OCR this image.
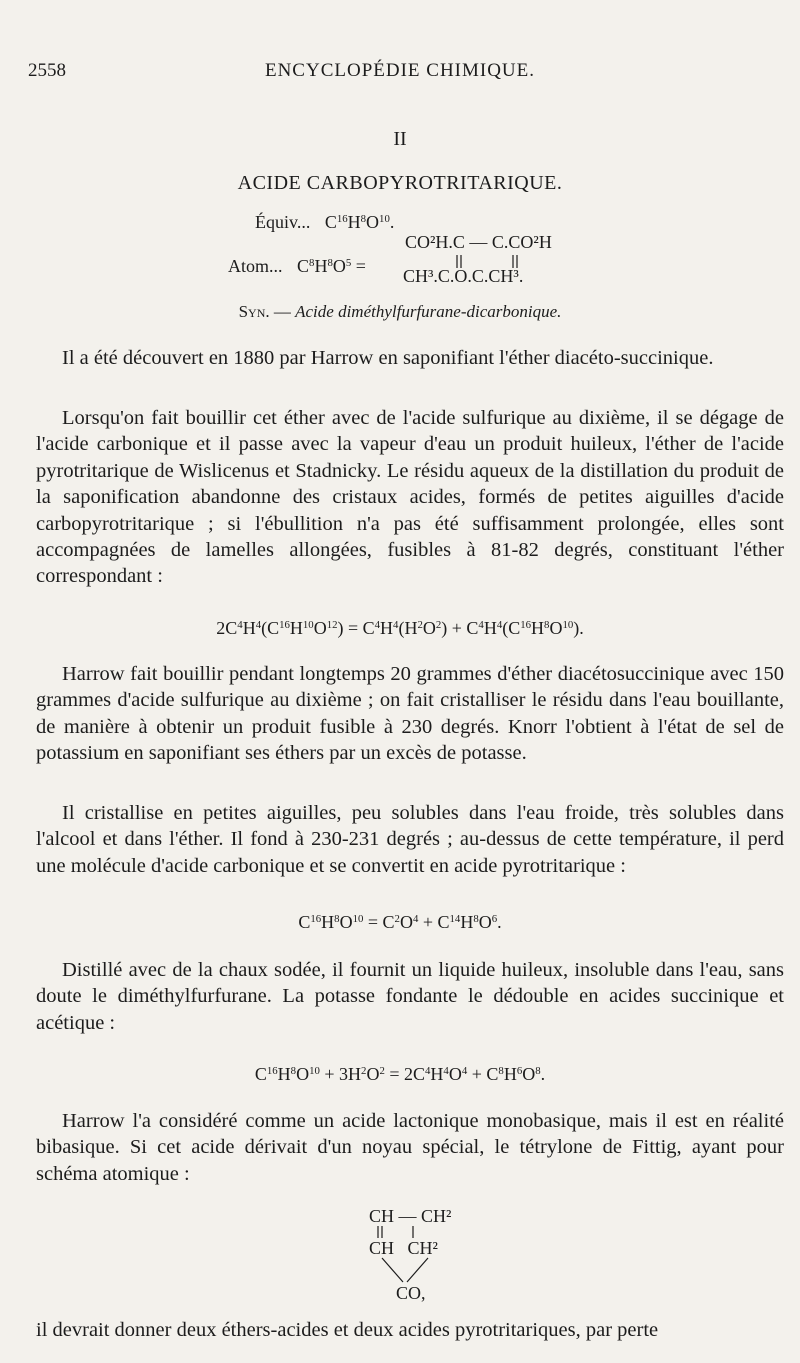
2558	ENCYCLOPÉDIE CHIMIQUE.
II
ACIDE CARBOPYROTRITARIQUE.
Équiv... $C^{16}H^8O^{10}$.
CO²H.C — C.CO²H
Atom... $C^8H^8O^5 = CH^3.C.O.C.CH^3$.
Syn. — Acide diméthylfurfurane-dicarbonique.

Il a été découvert en 1880 par Harrow en saponifiant l'éther diacéto-succinique.

Lorsqu'on fait bouillir cet éther avec de l'acide sulfurique au dixième, il se dégage de l'acide carbonique et il passe avec la vapeur d'eau un produit huileux, l'éther de l'acide pyrotritarique de Wislicenus et Stadnicky. Le résidu aqueux de la distillation du produit de la saponification abandonne des cristaux acides, formés de petites aiguilles d'acide carbopyrotritarique ; si l'ébullition n'a pas été suffisamment prolongée, elles sont accompagnées de lamelles allongées, fusibles à 81-82 degrés, constituant l'éther correspondant :

$2C^4H^4(C^{16}H^{10}O^{12}) = C^4H^4(H^2O^2) + C^4H^4(C^{16}H^8O^{10})$.

Harrow fait bouillir pendant longtemps 20 grammes d'éther diacétosuccinique avec 150 grammes d'acide sulfurique au dixième ; on fait cristalliser le résidu dans l'eau bouillante, de manière à obtenir un produit fusible à 230 degrés. Knorr l'obtient à l'état de sel de potassium en saponifiant ses éthers par un excès de potasse.

Il cristallise en petites aiguilles, peu solubles dans l'eau froide, très solubles dans l'alcool et dans l'éther. Il fond à 230-231 degrés ; au-dessus de cette température, il perd une molécule d'acide carbonique et se convertit en acide pyrotritarique :

$C^{16}H^8O^{10} = C^2O^4 + C^{14}H^8O^6$.

Distillé avec de la chaux sodée, il fournit un liquide huileux, insoluble dans l'eau, sans doute le diméthylfurfurane. La potasse fondante le dédouble en acides succinique et acétique :

$C^{16}H^8O^{10} + 3H^2O^2 = 2C^4H^4O^4 + C^8H^6O^8$.

Harrow l'a considéré comme un acide lactonique monobasique, mais il est en réalité bibasique. Si cet acide dérivait d'un noyau spécial, le tétrylone de Fittig, ayant pour schéma atomique :

CH — CH²
CH   CH²
CO,

il devrait donner deux éthers-acides et deux acides pyrotritariques, par perte
